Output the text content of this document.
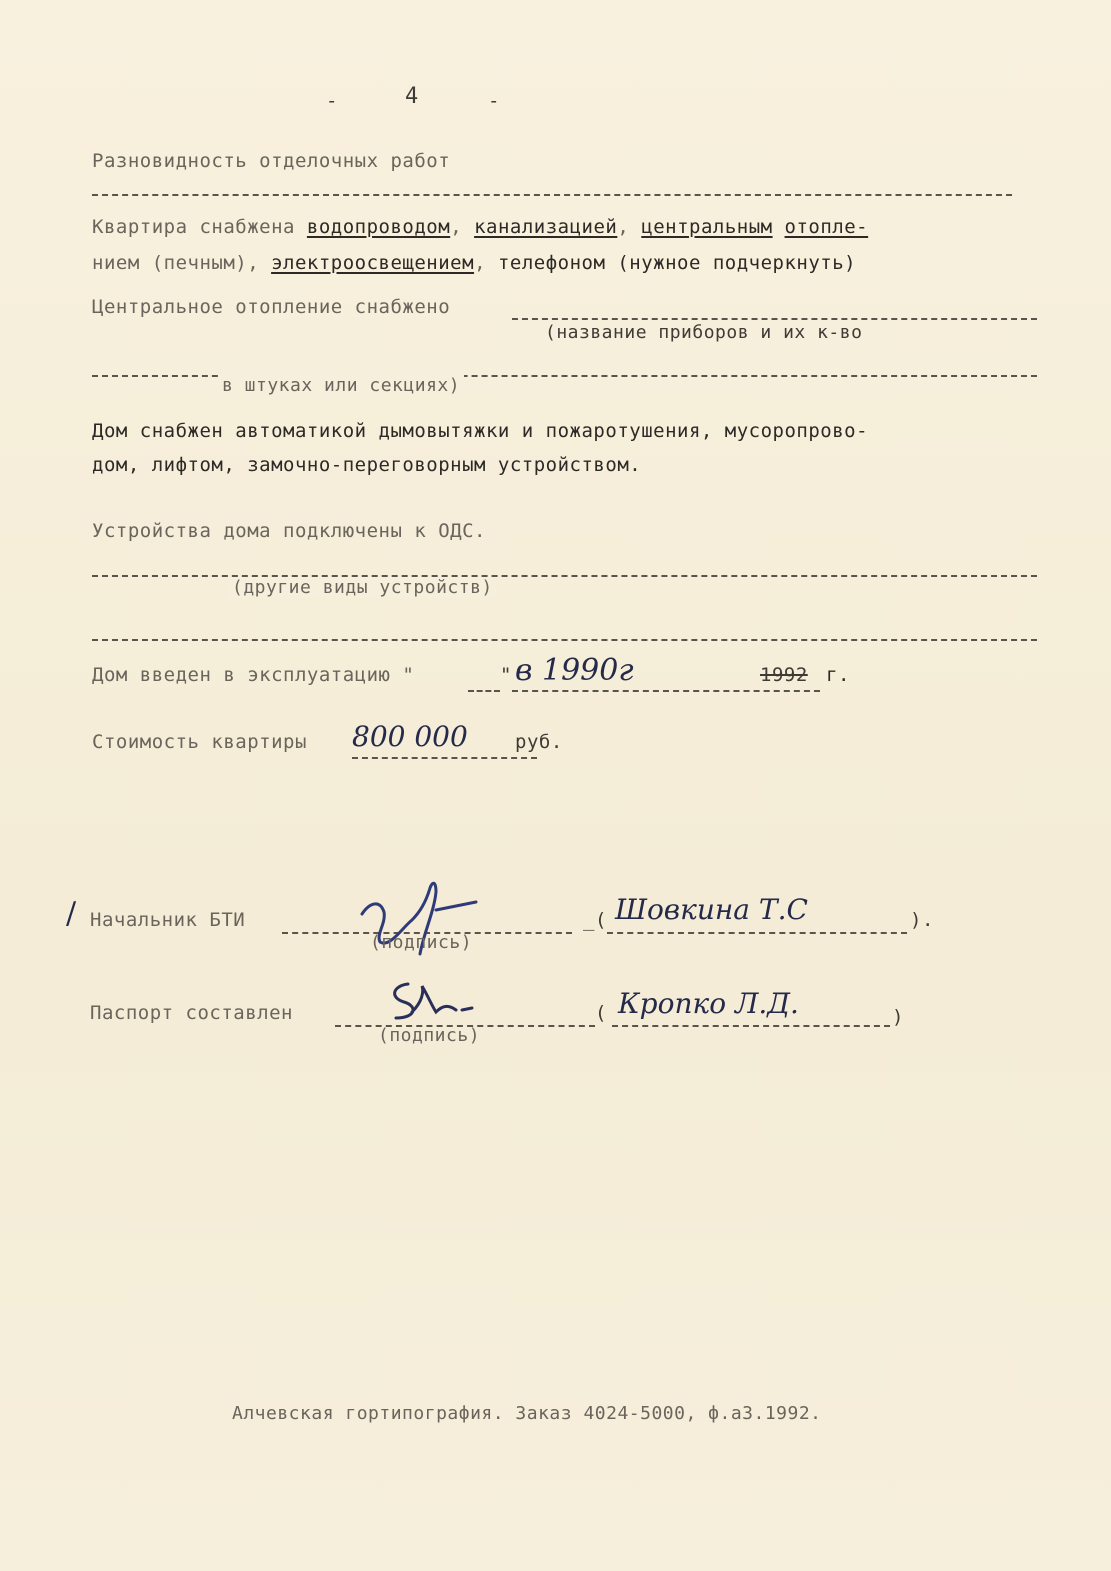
-	4	-
Разновидность отделочных работ
Квартира снабжена водопроводом, канализацией, центральным отопле-
нием (печным), электроосвещением, телефоном (нужное подчеркнуть)
Центральное отопление снабжено
(название приборов и их к-во
в штуках или секциях)
Дом снабжен автоматикой дымовытяжки и пожаротушения, мусоропрово-
дом, лифтом, замочно-переговорным устройством.
Устройства дома подключены к ОДС.
(другие виды устройств)
Дом введен в эксплуатацию "	" в 1990г	1992 г.
Стоимость квартиры 800 000 руб.
/ Начальник БТИ
(подпись)
_( Шовкина Т.С	).
Паспорт составлен
(подпись)
( Кропко Л.Д.	)
Алчевская гортипография. Заказ 4024-5000, ф.а3.1992.
